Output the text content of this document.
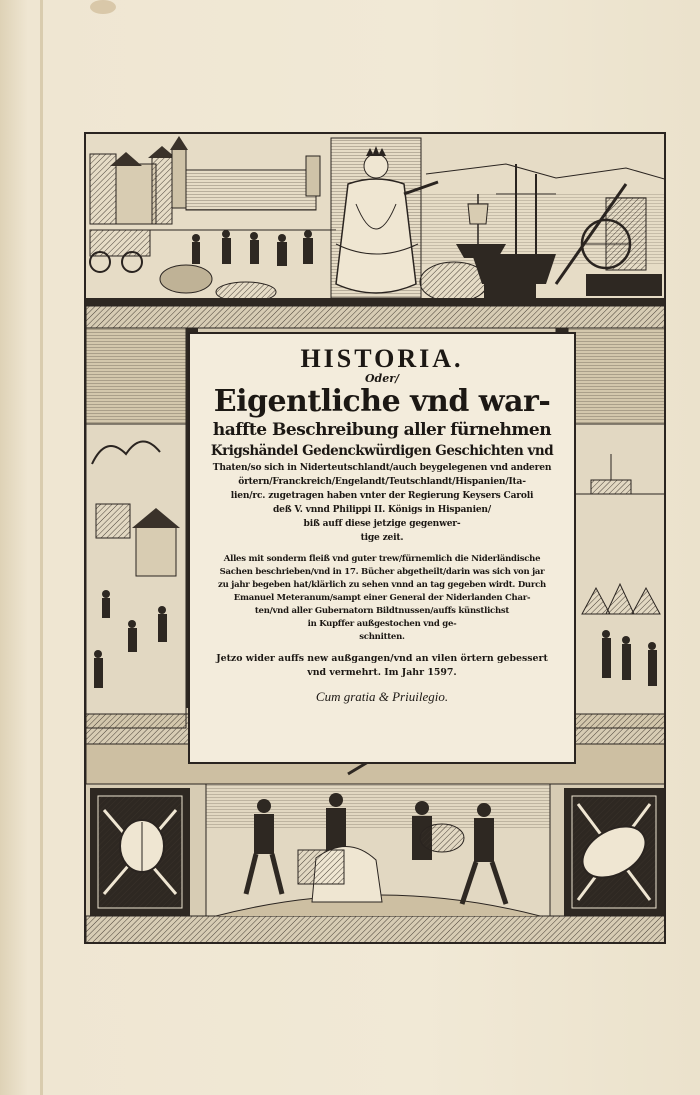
HISTORIA.
Oder/
Eigentliche vnd war-
haffte Beschreibung aller fürnehmen
Krigshändel Gedenckwürdigen Geschichten vnd
Thaten/so sich in Niderteutschlandt/auch beygelegenen vnd anderen
örtern/Franckreich/Engelandt/Teutschlandt/Hispanien/Ita-
lien/rc. zugetragen haben vnter der Regierung Keysers Caroli
deß V. vnnd Philippi II. Königs in Hispanien/
biß auff diese jetzige gegenwer-
tige zeit.
Alles mit sonderm fleiß vnd guter trew/fürnemlich die Niderländische
Sachen beschrieben/vnd in 17. Bücher abgetheilt/darin was sich von jar
zu jahr begeben hat/klärlich zu sehen vnnd an tag gegeben wirdt. Durch
Emanuel Meteranum/sampt einer General der Niderlanden Char-
ten/vnd aller Gubernatorn Bildtnussen/auffs künstlichst
in Kupffer außgestochen vnd ge-
schnitten.
Jetzo wider auffs new außgangen/vnd an vilen örtern gebessert
vnd vermehrt. Im Jahr 1597.
Cum gratia & Priuilegio.
